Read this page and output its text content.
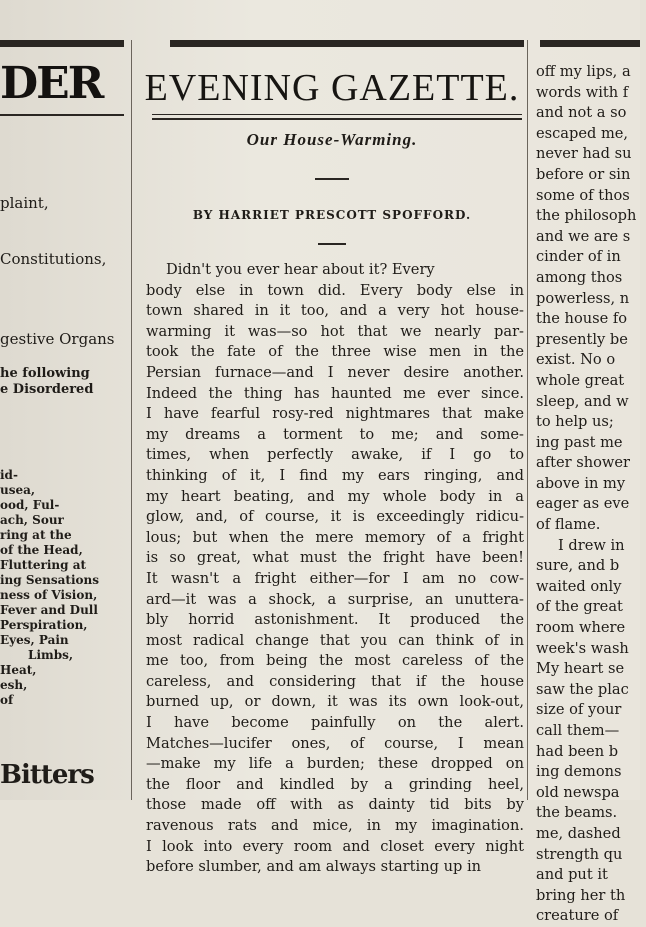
DER
plaint,
Constitutions,
gestive Organs
he following
e Disordered
id-
usea,
ood, Ful-
ach, Sour
ring at the
of the Head,
Fluttering at
ing Sensations
ness of Vision,
Fever and Dull
Perspiration,
Eyes, Pain
Limbs,
Heat,
esh,
of
Bitters
EVENING GAZETTE.
Our House-Warming.
BY HARRIET PRESCOTT SPOFFORD.
Didn't you ever hear about it? Every
body else in town did. Every body else in
town shared in it too, and a very hot house-
warming it was—so hot that we nearly par-
took the fate of the three wise men in the
Persian furnace—and I never desire another.
Indeed the thing has haunted me ever since.
I have fearful rosy-red nightmares that make
my dreams a torment to me; and some-
times, when perfectly awake, if I go to
thinking of it, I find my ears ringing, and
my heart beating, and my whole body in a
glow, and, of course, it is exceedingly ridicu-
lous; but when the mere memory of a fright
is so great, what must the fright have been!
It wasn't a fright either—for I am no cow-
ard—it was a shock, a surprise, an unuttera-
bly horrid astonishment. It produced the
most radical change that you can think of in
me too, from being the most careless of the
careless, and considering that if the house
burned up, or down, it was its own look-out,
I have become painfully on the alert.
Matches—lucifer ones, of course, I mean
—make my life a burden; these dropped on
the floor and kindled by a grinding heel,
those made off with as dainty tid bits by
ravenous rats and mice, in my imagination.
I look into every room and closet every night
before slumber, and am always starting up in
off my lips, a
words with f
and not a so
escaped me,
never had su
before or sin
some of thos
the philosoph
and we are s
cinder of in
among thos
powerless, n
the house fo
presently be
exist. No o
whole great
sleep, and w
to help us;
ing past me
after shower
above in my
eager as eve
of flame.
I drew in
sure, and b
waited only
of the great
room where
week's wash
My heart se
saw the plac
size of your
call them—
had been b
ing demons
old newspa
the beams.
me, dashed
strength qu
and put it
bring her th
creature of
